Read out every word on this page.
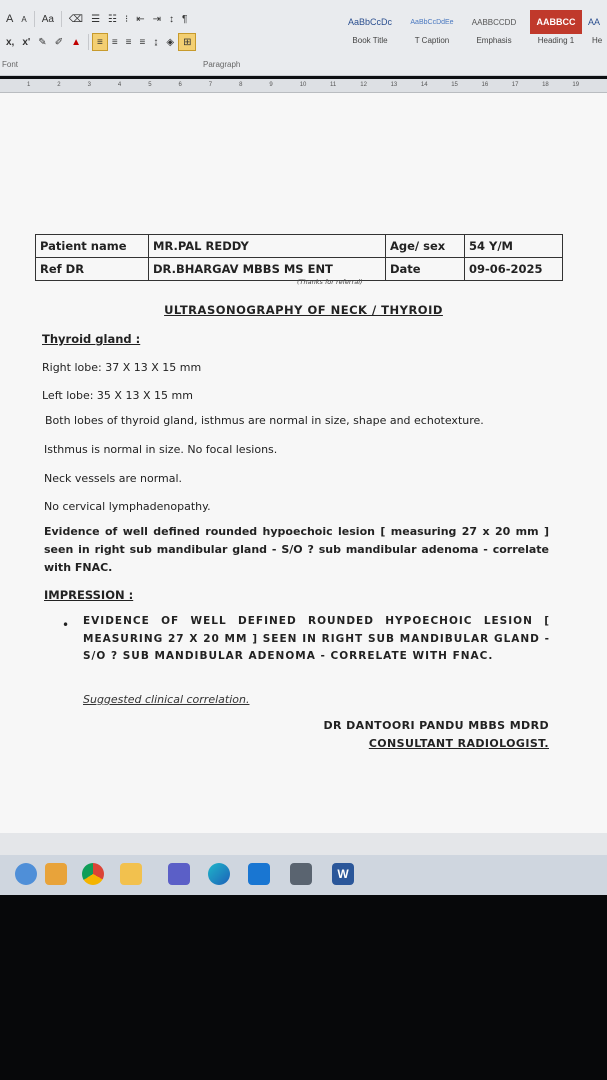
A	A	Aa	⌫ ☰ ☷ ⁝ ⇤ ⇥ ↕ ¶
x, x' ✎ ✐ ▲	≡ ≡ ≡ ≡ ↨ ◈ ⊞
AaBbCcDc
Book Title
AaBbCcDdEe
T Caption
AABBCCDD
Emphasis
AABBCC
Heading 1
AA
He
Font	Paragraph
1	2	3	4	5	6	7	8	9	10	11	12	13	14	15	16	17	18	19
Patient name	MR.PAL REDDY	Age/ sex	54 Y/M
Ref DR	DR.BHARGAV MBBS MS ENT	Date	09-06-2025
(Thanks for referral)
ULTRASONOGRAPHY OF NECK / THYROID
Thyroid gland :
Right lobe: 37 X 13 X 15 mm
Left lobe: 35 X 13 X 15 mm
Both lobes of thyroid gland, isthmus are normal in size, shape and echotexture.
Isthmus is normal in size. No focal lesions.
Neck vessels are normal.
No cervical lymphadenopathy.
Evidence of well defined rounded hypoechoic lesion [ measuring 27 x 20 mm ] seen in right sub mandibular gland - S/O ? sub mandibular adenoma - correlate with FNAC.
IMPRESSION :
• EVIDENCE OF WELL DEFINED ROUNDED HYPOECHOIC LESION [ MEASURING 27 X 20 MM ] SEEN IN RIGHT SUB MANDIBULAR GLAND - S/O ? SUB MANDIBULAR ADENOMA - CORRELATE WITH FNAC.
Suggested clinical correlation.
DR DANTOORI PANDU MBBS MDRD
CONSULTANT RADIOLOGIST.
W
